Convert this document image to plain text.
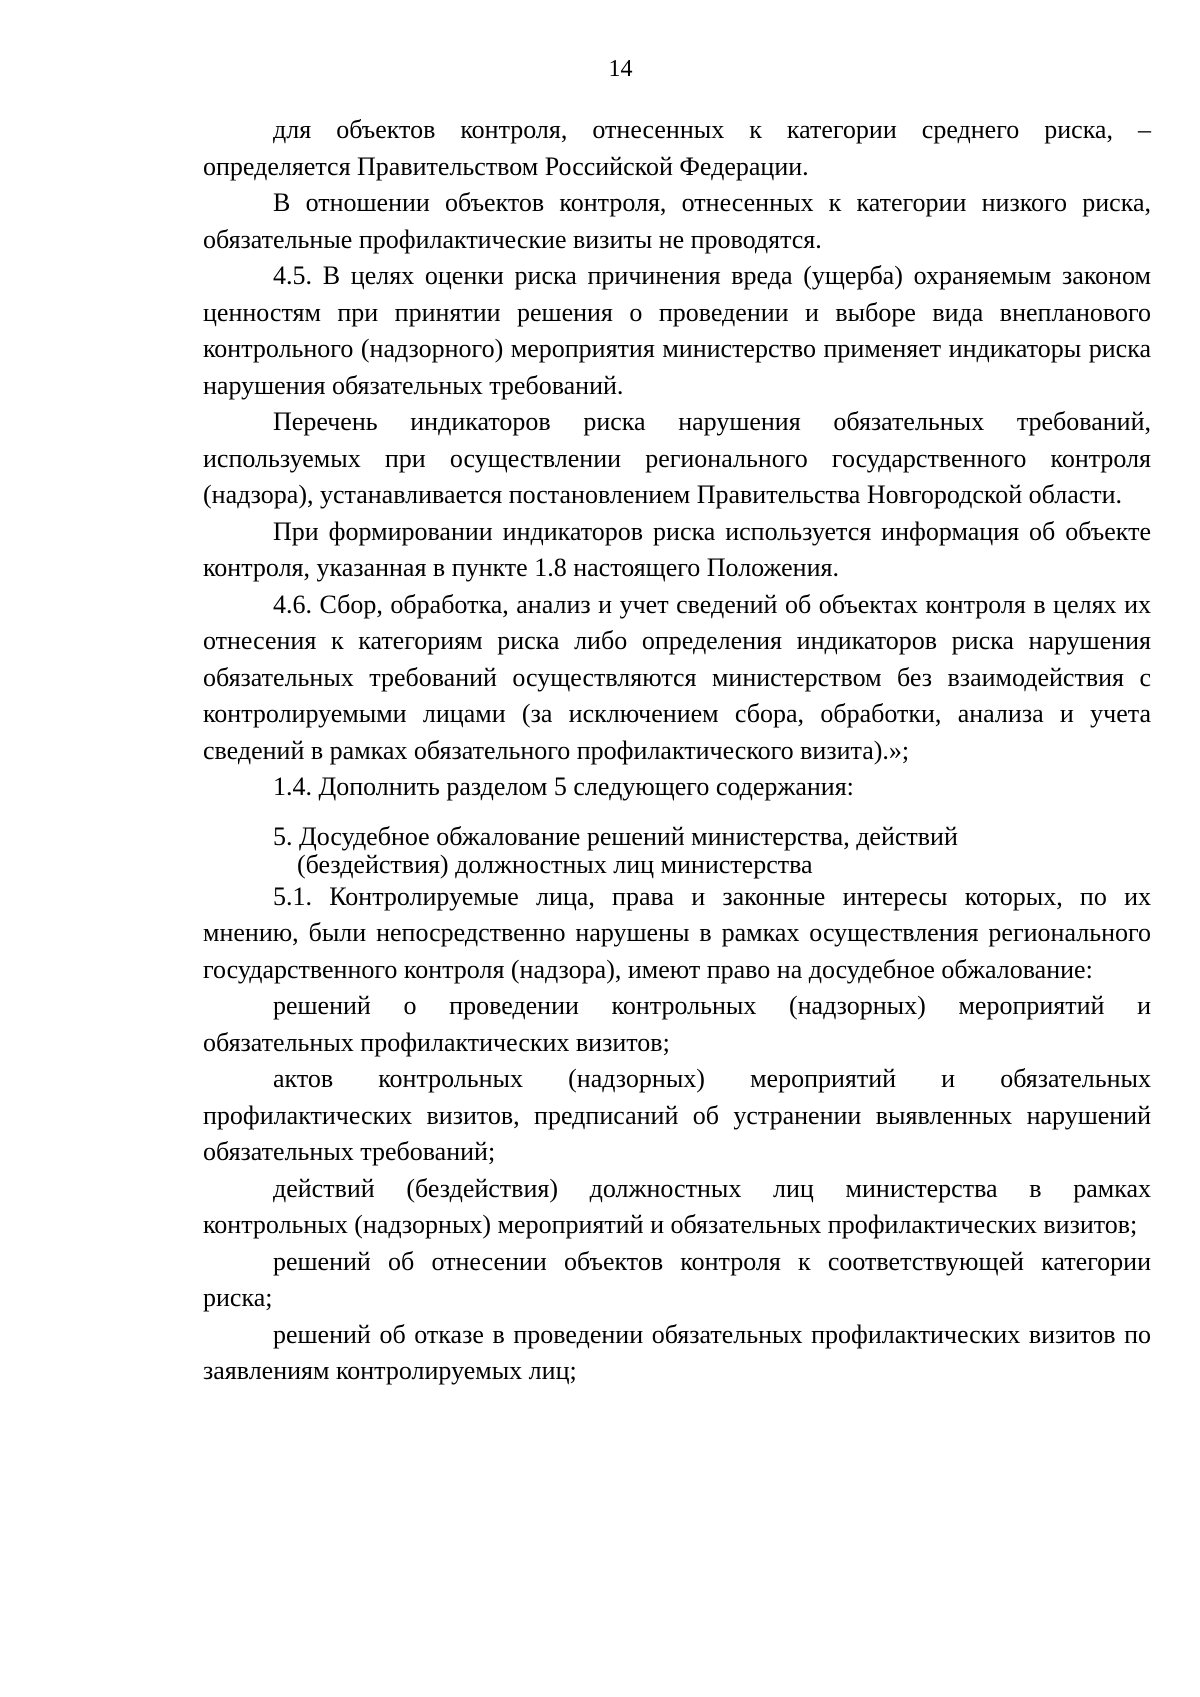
14

для объектов контроля, отнесенных к категории среднего риска, – определяется Правительством Российской Федерации.

В отношении объектов контроля, отнесенных к категории низкого риска, обязательные профилактические визиты не проводятся.

4.5. В целях оценки риска причинения вреда (ущерба) охраняемым законом ценностям при принятии решения о проведении и выборе вида внепланового контрольного (надзорного) мероприятия министерство применяет индикаторы риска нарушения обязательных требований.

Перечень индикаторов риска нарушения обязательных требований, используемых при осуществлении регионального государственного контроля (надзора), устанавливается постановлением Правительства Новгородской области.

При формировании индикаторов риска используется информация об объекте контроля, указанная в пункте 1.8 настоящего Положения.

4.6. Сбор, обработка, анализ и учет сведений об объектах контроля в целях их отнесения к категориям риска либо определения индикаторов риска нарушения обязательных требований осуществляются министерством без взаимодействия с контролируемыми лицами (за исключением сбора, обработки, анализа и учета сведений в рамках обязательного профилактического визита).»;

1.4. Дополнить разделом 5 следующего содержания:

5. Досудебное обжалование решений министерства, действий
(бездействия) должностных лиц министерства

5.1. Контролируемые лица, права и законные интересы которых, по их мнению, были непосредственно нарушены в рамках осуществления регионального государственного контроля (надзора), имеют право на досудебное обжалование:

решений о проведении контрольных (надзорных) мероприятий и обязательных профилактических визитов;

актов контрольных (надзорных) мероприятий и обязательных профилактических визитов, предписаний об устранении выявленных нарушений обязательных требований;

действий (бездействия) должностных лиц министерства в рамках контрольных (надзорных) мероприятий и обязательных профилактических визитов;

решений об отнесении объектов контроля к соответствующей категории риска;

решений об отказе в проведении обязательных профилактических визитов по заявлениям контролируемых лиц;
